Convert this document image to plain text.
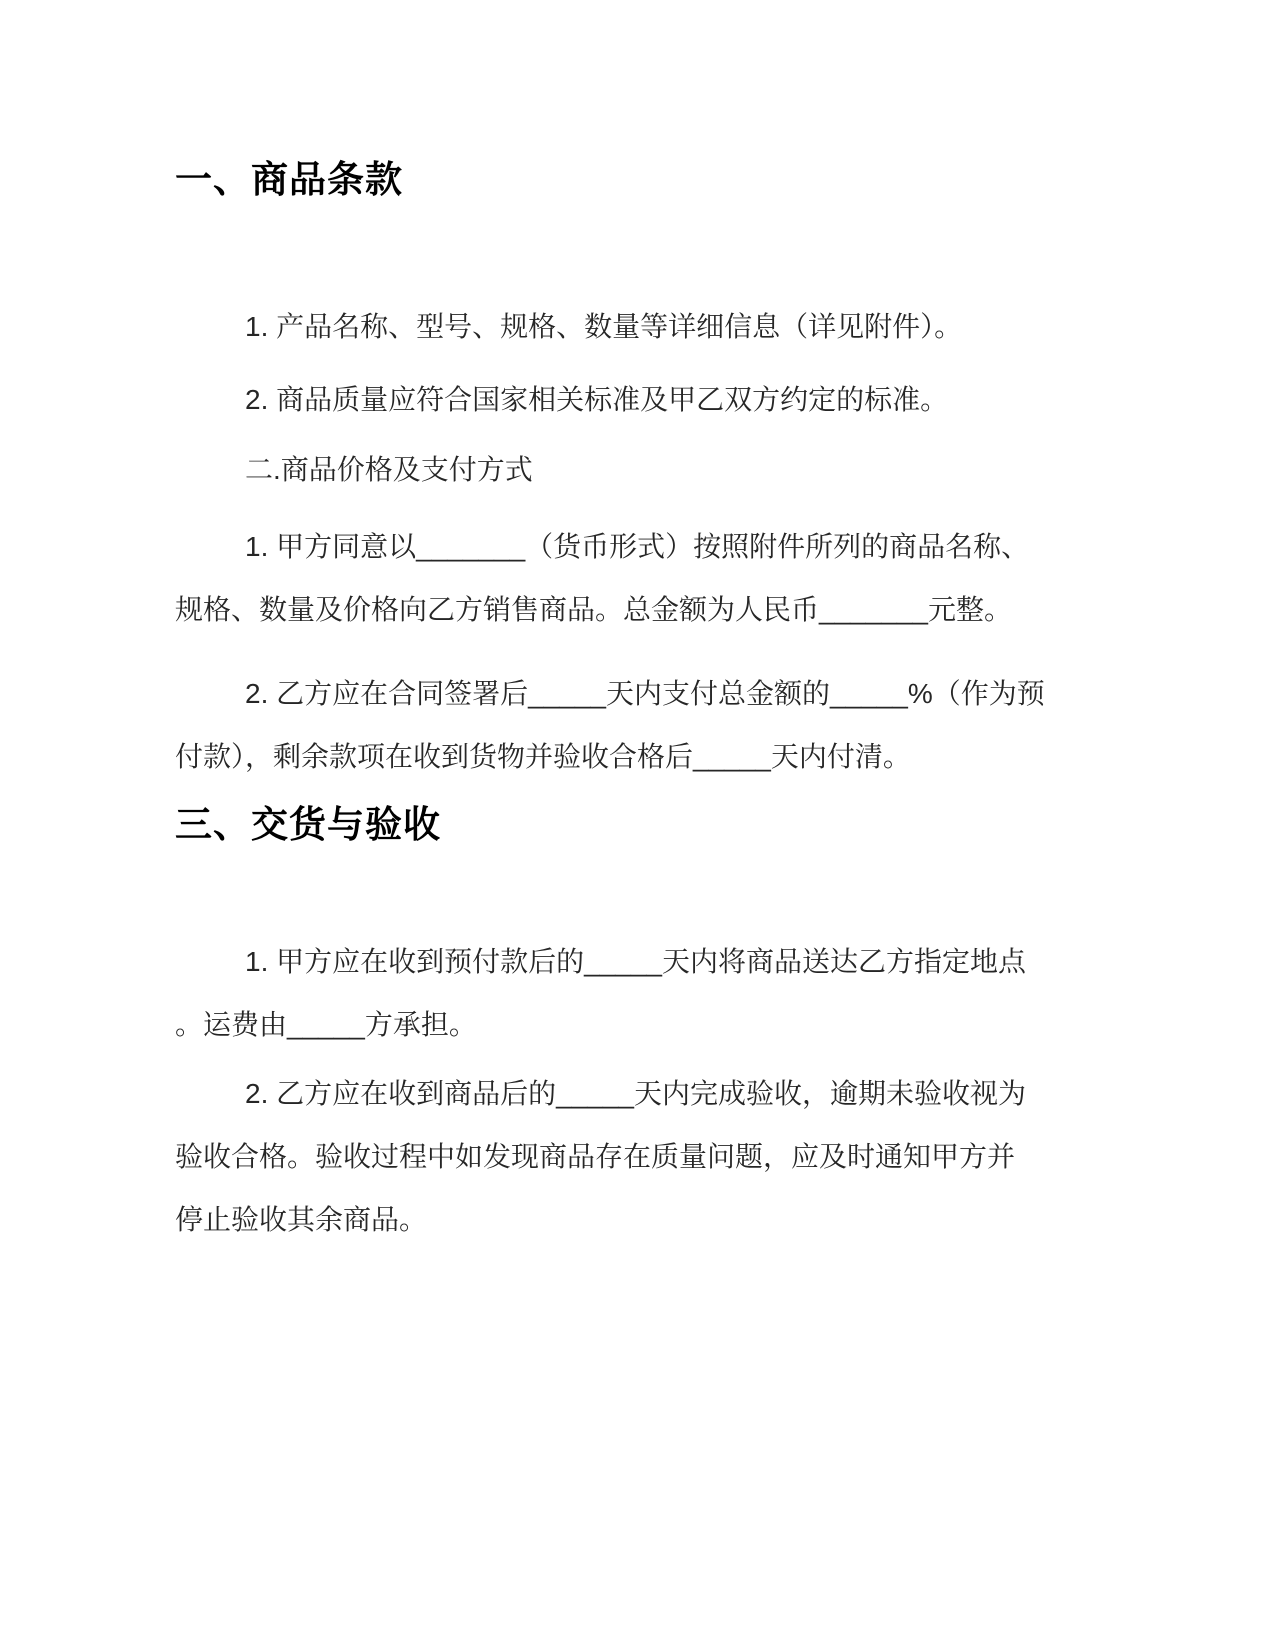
一、商品条款

1. 产品名称、型号、规格、数量等详细信息（详见附件）。

2. 商品质量应符合国家相关标准及甲乙双方约定的标准。

二.商品价格及支付方式

1. 甲方同意以_______（货币形式）按照附件所列的商品名称、
规格、数量及价格向乙方销售商品。总金额为人民币_______元整。

2. 乙方应在合同签署后_____天内支付总金额的_____%（作为预
付款），剩余款项在收到货物并验收合格后_____天内付清。

三、交货与验收

1. 甲方应在收到预付款后的_____天内将商品送达乙方指定地点
。运费由_____方承担。

2. 乙方应在收到商品后的_____天内完成验收，逾期未验收视为
验收合格。验收过程中如发现商品存在质量问题，应及时通知甲方并
停止验收其余商品。
